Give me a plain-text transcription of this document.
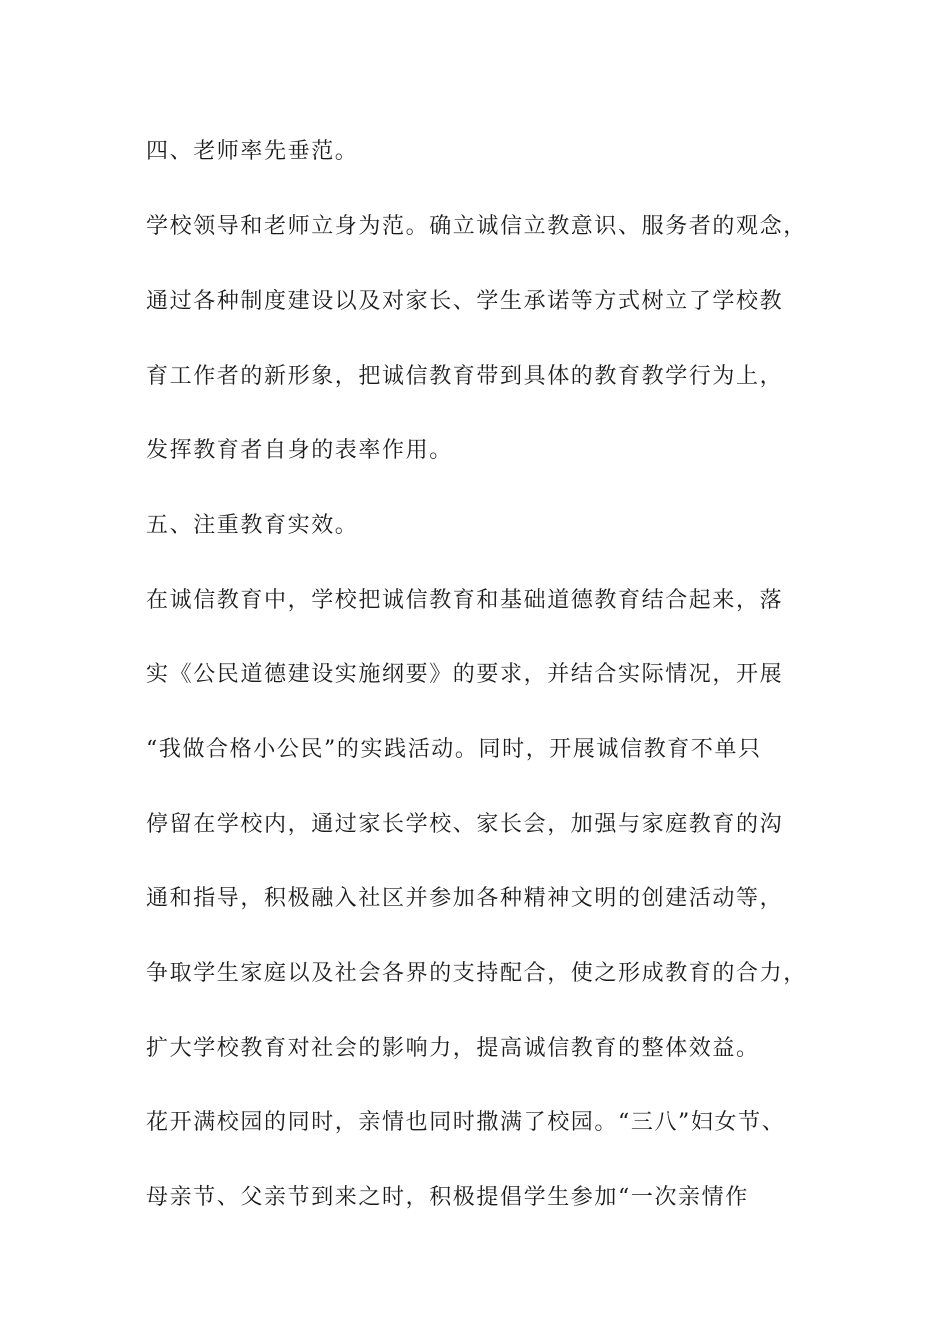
四、老师率先垂范。
学校领导和老师立身为范。确立诚信立教意识、服务者的观念，
通过各种制度建设以及对家长、学生承诺等方式树立了学校教
育工作者的新形象，把诚信教育带到具体的教育教学行为上，
发挥教育者自身的表率作用。
五、注重教育实效。
在诚信教育中，学校把诚信教育和基础道德教育结合起来，落
实《公民道德建设实施纲要》的要求，并结合实际情况，开展
“我做合格小公民”的实践活动。同时，开展诚信教育不单只
停留在学校内，通过家长学校、家长会，加强与家庭教育的沟
通和指导，积极融入社区并参加各种精神文明的创建活动等，
争取学生家庭以及社会各界的支持配合，使之形成教育的合力，
扩大学校教育对社会的影响力，提高诚信教育的整体效益。
花开满校园的同时，亲情也同时撒满了校园。“三八”妇女节、
母亲节、父亲节到来之时，积极提倡学生参加“一次亲情作
